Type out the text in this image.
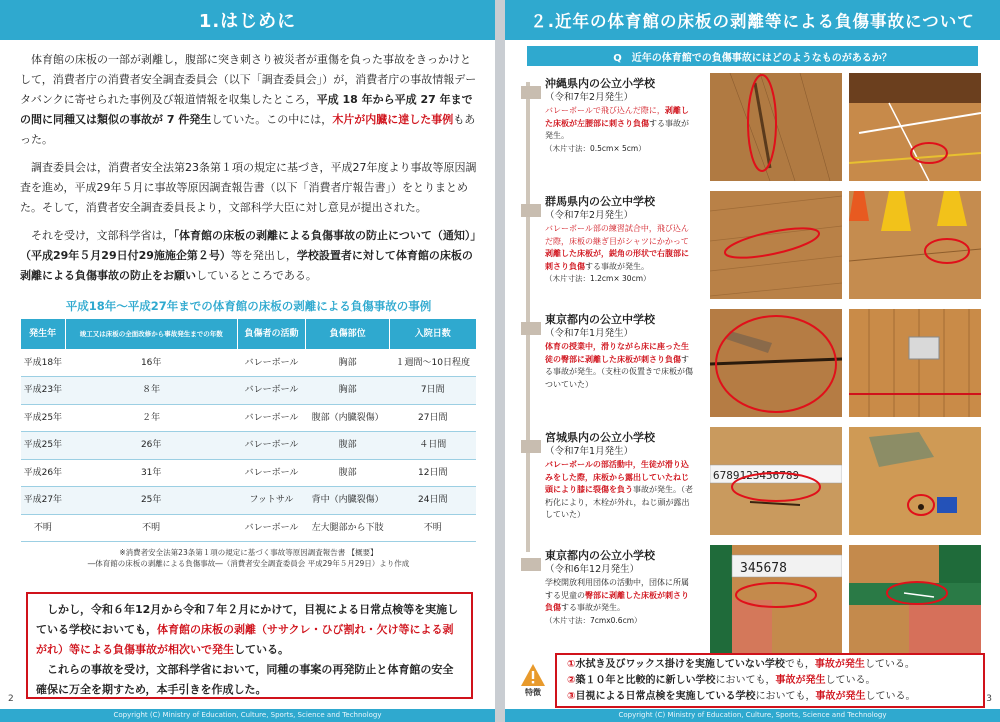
1.はじめに

体育館の床板の一部が剥離し，腹部に突き刺さり被災者が重傷を負った事故をきっかけとして，消費者庁の消費者安全調査委員会（以下「調査委員会」）が，消費者庁の事故情報データバンクに寄せられた事例及び報道情報を収集したところ，平成 18 年から平成 27 年までの間に同種又は類似の事故が 7 件発生していた。この中には，木片が内臓に達した事例もあった。

調査委員会は，消費者安全法第23条第１項の規定に基づき，平成27年度より事故等原因調査を進め，平成29年５月に事故等原因調査報告書（以下「消費者庁報告書」）をとりまとめた。そして，消費者安全調査委員長より，文部科学大臣に対し意見が提出された。

それを受け，文部科学省は，「体育館の床板の剥離による負傷事故の防止について（通知）」（平成29年５月29日付29施施企第２号）等を発出し，学校設置者に対して体育館の床板の剥離による負傷事故の防止をお願いしているところである。

平成18年～平成27年までの体育館の床板の剥離による負傷事故の事例
発生年	竣工又は床板の全面改修から事故発生までの年数	負傷者の活動	負傷部位	入院日数
平成18年	16年	バレーボール	胸部	１週間～10日程度
平成23年	８年	バレーボール	胸部	7日間
平成25年	２年	バレーボール	腹部（内臓裂傷）	27日間
平成25年	26年	バレーボール	腹部	４日間
平成26年	31年	バレーボール	腹部	12日間
平成27年	25年	フットサル	背中（内臓裂傷）	24日間
不明	不明	バレーボール	左大腿部から下肢	不明
※消費者安全法第23条第１項の規定に基づく事故等原因調査報告書 【概要】
―体育館の床板の剥離による負傷事故―（消費者安全調査委員会 平成29年５月29日）より作成

しかし，令和６年12月から令和７年２月にかけて，目視による日常点検等を実施している学校においても，体育館の床板の剥離（ササクレ・ひび割れ・欠け等による剥がれ）等による負傷事故が相次いで発生している。

これらの事故を受け，文部科学省において，同種の事案の再発防止と体育館の安全確保に万全を期すため，本手引きを作成した。

2
Copyright (C) Ministry of Education, Culture, Sports, Science and Technology
２.近年の体育館の床板の剥離等による負傷事故について
Q　近年の体育館での負傷事故にはどのようなものがあるか？
沖縄県内の公立小学校
（令和7年2月発生）
バレーボールで飛び込んだ際に，剥離した床板が左腰部に刺さり負傷する事故が発生。
（木片寸法：0.5cm× 5cm）
群馬県内の公立中学校
（令和7年2月発生）
バレーボール部の練習試合中，飛び込んだ際，床板の継ぎ目がシャツにかかって剥離した床板が，鋭角の形状で右腹部に刺さり負傷する事故が発生。
（木片寸法：1.2cm× 30cm）
東京都内の公立中学校
（令和7年1月発生）
体育の授業中，滑りながら床に座った生徒の臀部に剥離した床板が刺さり負傷する事故が発生。（支柱の仮置きで床板が傷ついていた）
宮城県内の公立小学校
（令和7年1月発生）
バレーボールの部活動中，生徒が滑り込みをした際，床板から露出していたねじ頭により膝に裂傷を負う事故が発生。（老朽化により，木栓が外れ，ねじ頭が露出していた）
6789123456789
東京都内の公立小学校
（令和6年12月発生）
学校開放利用団体の活動中，団体に所属する児童の臀部に剥離した床板が刺さり負傷する事故が発生。
（木片寸法：7cmx0.6cm）
345678
特徴
①水拭き及びワックス掛けを実施していない学校でも，事故が発生している。
②築１０年と比較的に新しい学校においても，事故が発生している。
③目視による日常点検を実施している学校においても，事故が発生している。	3
Copyright (C) Ministry of Education, Culture, Sports, Science and Technology
